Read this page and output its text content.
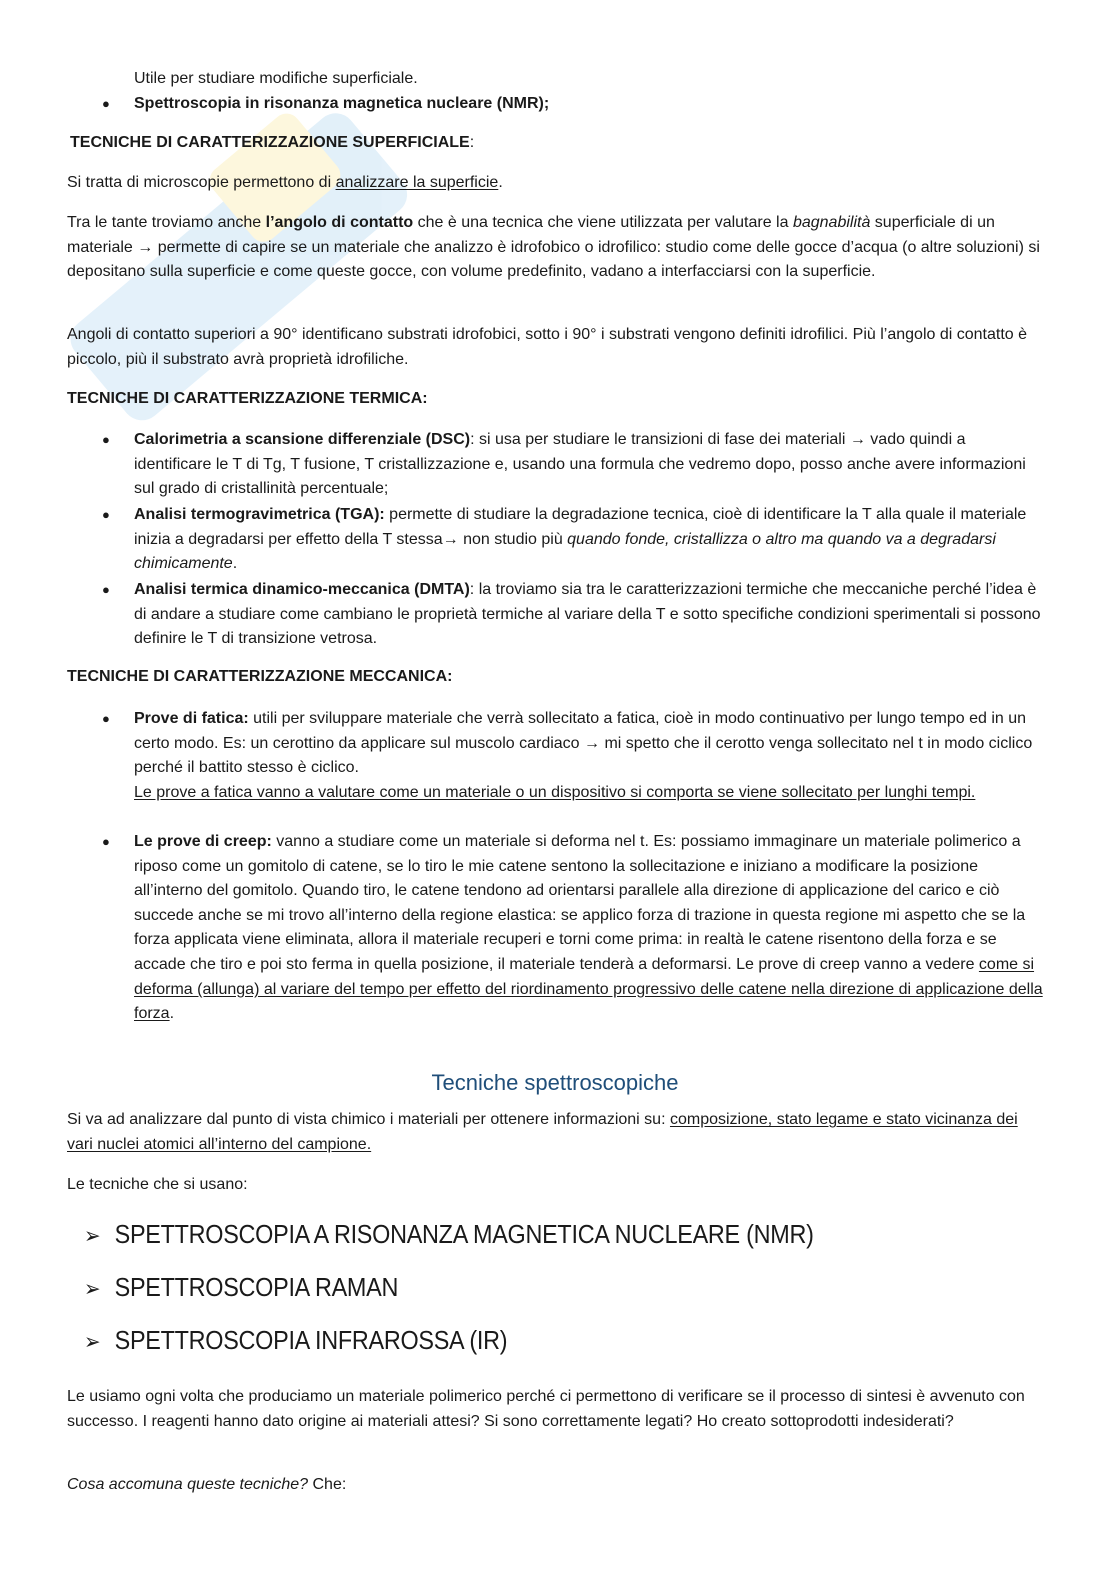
Utile per studiare modifiche superficiale.
● Spettroscopia in risonanza magnetica nucleare (NMR);
TECNICHE DI CARATTERIZZAZIONE SUPERFICIALE:
Si tratta di microscopie permettono di analizzare la superficie.
Tra le tante troviamo anche l’angolo di contatto che è una tecnica che viene utilizzata per valutare la bagnabilità superficiale di un materiale → permette di capire se un materiale che analizzo è idrofobico o idrofilico: studio come delle gocce d’acqua (o altre soluzioni) si depositano sulla superficie e come queste gocce, con volume predefinito, vadano a interfacciarsi con la superficie.
Angoli di contatto superiori a 90° identificano substrati idrofobici, sotto i 90° i substrati vengono definiti idrofilici. Più l’angolo di contatto è piccolo, più il substrato avrà proprietà idrofiliche.
TECNICHE DI CARATTERIZZAZIONE TERMICA:
● Calorimetria a scansione differenziale (DSC): si usa per studiare le transizioni di fase dei materiali → vado quindi a identificare le T di Tg, T fusione, T cristallizzazione e, usando una formula che vedremo dopo, posso anche avere informazioni sul grado di cristallinità percentuale;
● Analisi termogravimetrica (TGA): permette di studiare la degradazione tecnica, cioè di identificare la T alla quale il materiale inizia a degradarsi per effetto della T stessa→ non studio più quando fonde, cristallizza o altro ma quando va a degradarsi chimicamente.
● Analisi termica dinamico-meccanica (DMTA): la troviamo sia tra le caratterizzazioni termiche che meccaniche perché l’idea è di andare a studiare come cambiano le proprietà termiche al variare della T e sotto specifiche condizioni sperimentali si possono definire le T di transizione vetrosa.
TECNICHE DI CARATTERIZZAZIONE MECCANICA:
● Prove di fatica: utili per sviluppare materiale che verrà sollecitato a fatica, cioè in modo continuativo per lungo tempo ed in un certo modo. Es: un cerottino da applicare sul muscolo cardiaco → mi spetto che il cerotto venga sollecitato nel t in modo ciclico perché il battito stesso è ciclico.
Le prove a fatica vanno a valutare come un materiale o un dispositivo si comporta se viene sollecitato per lunghi tempi.
● Le prove di creep: vanno a studiare come un materiale si deforma nel t. Es: possiamo immaginare un materiale polimerico a riposo come un gomitolo di catene, se lo tiro le mie catene sentono la sollecitazione e iniziano a modificare la posizione all’interno del gomitolo. Quando tiro, le catene tendono ad orientarsi parallele alla direzione di applicazione del carico e ciò succede anche se mi trovo all’interno della regione elastica: se applico forza di trazione in questa regione mi aspetto che se la forza applicata viene eliminata, allora il materiale recuperi e torni come prima: in realtà le catene risentono della forza e se accade che tiro e poi sto ferma in quella posizione, il materiale tenderà a deformarsi. Le prove di creep vanno a vedere come si deforma (allunga) al variare del tempo per effetto del riordinamento progressivo delle catene nella direzione di applicazione della forza.
Tecniche spettroscopiche
Si va ad analizzare dal punto di vista chimico i materiali per ottenere informazioni su: composizione, stato legame e stato vicinanza dei vari nuclei atomici all’interno del campione.
Le tecniche che si usano:
➢ SPETTROSCOPIA A RISONANZA MAGNETICA NUCLEARE (NMR)
➢ SPETTROSCOPIA RAMAN
➢ SPETTROSCOPIA INFRAROSSA (IR)
Le usiamo ogni volta che produciamo un materiale polimerico perché ci permettono di verificare se il processo di sintesi è avvenuto con successo. I reagenti hanno dato origine ai materiali attesi? Si sono correttamente legati? Ho creato sottoprodotti indesiderati?
Cosa accomuna queste tecniche? Che:
